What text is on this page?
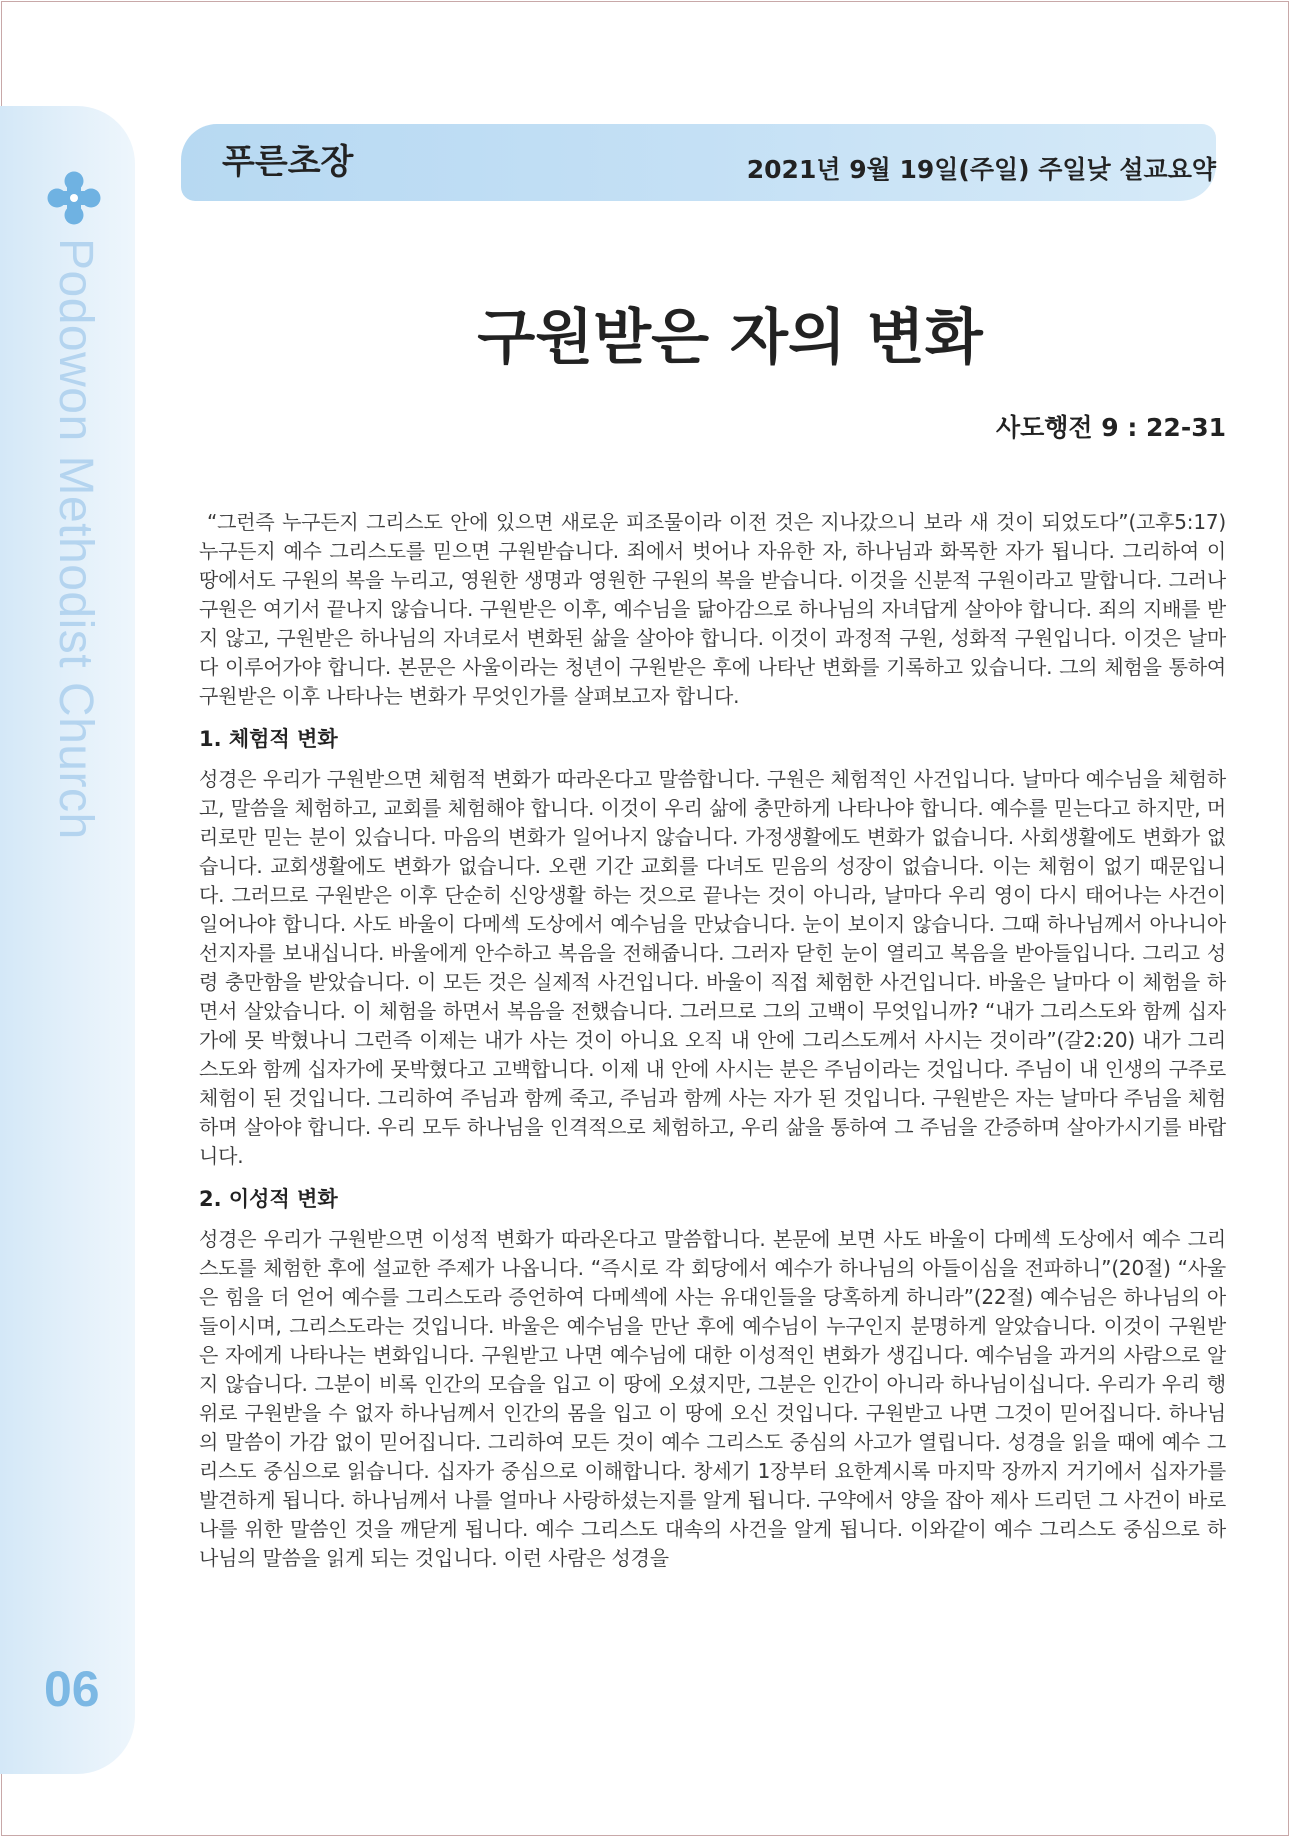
Podowon Methodist Church
06
푸른초장	2021년 9월 19일(주일) 주일낮 설교요약
구원받은 자의 변화
사도행전 9 : 22-31

“그런즉 누구든지 그리스도 안에 있으면 새로운 피조물이라 이전 것은 지나갔으니 보라 새 것이 되었도다”(고후5:17) 누구든지 예수 그리스도를 믿으면 구원받습니다. 죄에서 벗어나 자유한 자, 하나님과 화목한 자가 됩니다. 그리하여 이 땅에서도 구원의 복을 누리고, 영원한 생명과 영원한 구원의 복을 받습니다. 이것을 신분적 구원이라고 말합니다. 그러나 구원은 여기서 끝나지 않습니다. 구원받은 이후, 예수님을 닮아감으로 하나님의 자녀답게 살아야 합니다. 죄의 지배를 받지 않고, 구원받은 하나님의 자녀로서 변화된 삶을 살아야 합니다. 이것이 과정적 구원, 성화적 구원입니다. 이것은 날마다 이루어가야 합니다. 본문은 사울이라는 청년이 구원받은 후에 나타난 변화를 기록하고 있습니다. 그의 체험을 통하여 구원받은 이후 나타나는 변화가 무엇인가를 살펴보고자 합니다.

1. 체험적 변화

성경은 우리가 구원받으면 체험적 변화가 따라온다고 말씀합니다. 구원은 체험적인 사건입니다. 날마다 예수님을 체험하고, 말씀을 체험하고, 교회를 체험해야 합니다. 이것이 우리 삶에 충만하게 나타나야 합니다. 예수를 믿는다고 하지만, 머리로만 믿는 분이 있습니다. 마음의 변화가 일어나지 않습니다. 가정생활에도 변화가 없습니다. 사회생활에도 변화가 없습니다. 교회생활에도 변화가 없습니다. 오랜 기간 교회를 다녀도 믿음의 성장이 없습니다. 이는 체험이 없기 때문입니다. 그러므로 구원받은 이후 단순히 신앙생활 하는 것으로 끝나는 것이 아니라, 날마다 우리 영이 다시 태어나는 사건이 일어나야 합니다. 사도 바울이 다메섹 도상에서 예수님을 만났습니다. 눈이 보이지 않습니다. 그때 하나님께서 아나니아 선지자를 보내십니다. 바울에게 안수하고 복음을 전해줍니다. 그러자 닫힌 눈이 열리고 복음을 받아들입니다. 그리고 성령 충만함을 받았습니다. 이 모든 것은 실제적 사건입니다. 바울이 직접 체험한 사건입니다. 바울은 날마다 이 체험을 하면서 살았습니다. 이 체험을 하면서 복음을 전했습니다. 그러므로 그의 고백이 무엇입니까? “내가 그리스도와 함께 십자가에 못 박혔나니 그런즉 이제는 내가 사는 것이 아니요 오직 내 안에 그리스도께서 사시는 것이라”(갈2:20) 내가 그리스도와 함께 십자가에 못박혔다고 고백합니다. 이제 내 안에 사시는 분은 주님이라는 것입니다. 주님이 내 인생의 구주로 체험이 된 것입니다. 그리하여 주님과 함께 죽고, 주님과 함께 사는 자가 된 것입니다. 구원받은 자는 날마다 주님을 체험하며 살아야 합니다. 우리 모두 하나님을 인격적으로 체험하고, 우리 삶을 통하여 그 주님을 간증하며 살아가시기를 바랍니다.

2. 이성적 변화

성경은 우리가 구원받으면 이성적 변화가 따라온다고 말씀합니다. 본문에 보면 사도 바울이 다메섹 도상에서 예수 그리스도를 체험한 후에 설교한 주제가 나옵니다. “즉시로 각 회당에서 예수가 하나님의 아들이심을 전파하니”(20절) “사울은 힘을 더 얻어 예수를 그리스도라 증언하여 다메섹에 사는 유대인들을 당혹하게 하니라”(22절) 예수님은 하나님의 아들이시며, 그리스도라는 것입니다. 바울은 예수님을 만난 후에 예수님이 누구인지 분명하게 알았습니다. 이것이 구원받은 자에게 나타나는 변화입니다. 구원받고 나면 예수님에 대한 이성적인 변화가 생깁니다. 예수님을 과거의 사람으로 알지 않습니다. 그분이 비록 인간의 모습을 입고 이 땅에 오셨지만, 그분은 인간이 아니라 하나님이십니다. 우리가 우리 행위로 구원받을 수 없자 하나님께서 인간의 몸을 입고 이 땅에 오신 것입니다. 구원받고 나면 그것이 믿어집니다. 하나님의 말씀이 가감 없이 믿어집니다. 그리하여 모든 것이 예수 그리스도 중심의 사고가 열립니다. 성경을 읽을 때에 예수 그리스도 중심으로 읽습니다. 십자가 중심으로 이해합니다. 창세기 1장부터 요한계시록 마지막 장까지 거기에서 십자가를 발견하게 됩니다. 하나님께서 나를 얼마나 사랑하셨는지를 알게 됩니다. 구약에서 양을 잡아 제사 드리던 그 사건이 바로 나를 위한 말씀인 것을 깨닫게 됩니다. 예수 그리스도 대속의 사건을 알게 됩니다. 이와같이 예수 그리스도 중심으로 하나님의 말씀을 읽게 되는 것입니다. 이런 사람은 성경을
